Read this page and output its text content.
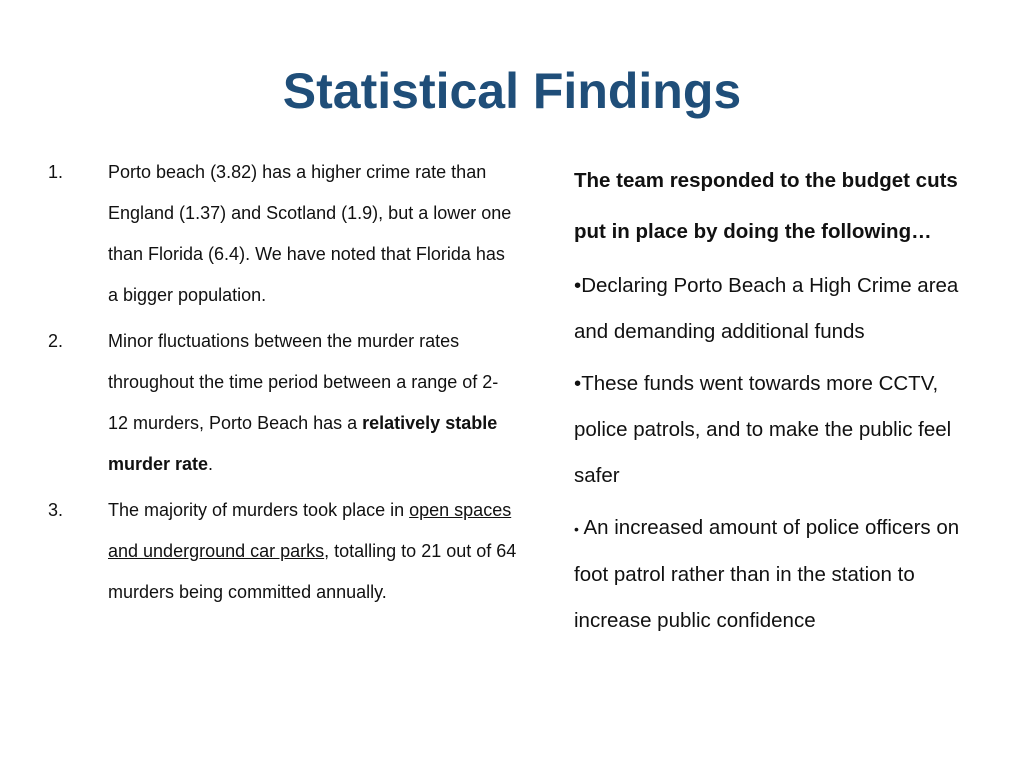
Statistical Findings
1.	Porto beach (3.82) has a higher crime rate than England (1.37) and Scotland (1.9), but a lower one than Florida (6.4). We have noted that Florida has a bigger population.
2.	Minor fluctuations between the murder rates throughout the time period between a range of 2-12 murders, Porto Beach has a relatively stable murder rate.
3.	The majority of murders took place in open spaces and underground car parks, totalling to 21 out of 64 murders being committed annually.
The team responded to the budget cuts put in place by doing the following…
•Declaring Porto Beach a High Crime area and demanding additional funds
•These funds went towards more CCTV, police patrols, and to make the public feel safer
• An increased amount of police officers on foot patrol rather than in the station to increase public confidence
